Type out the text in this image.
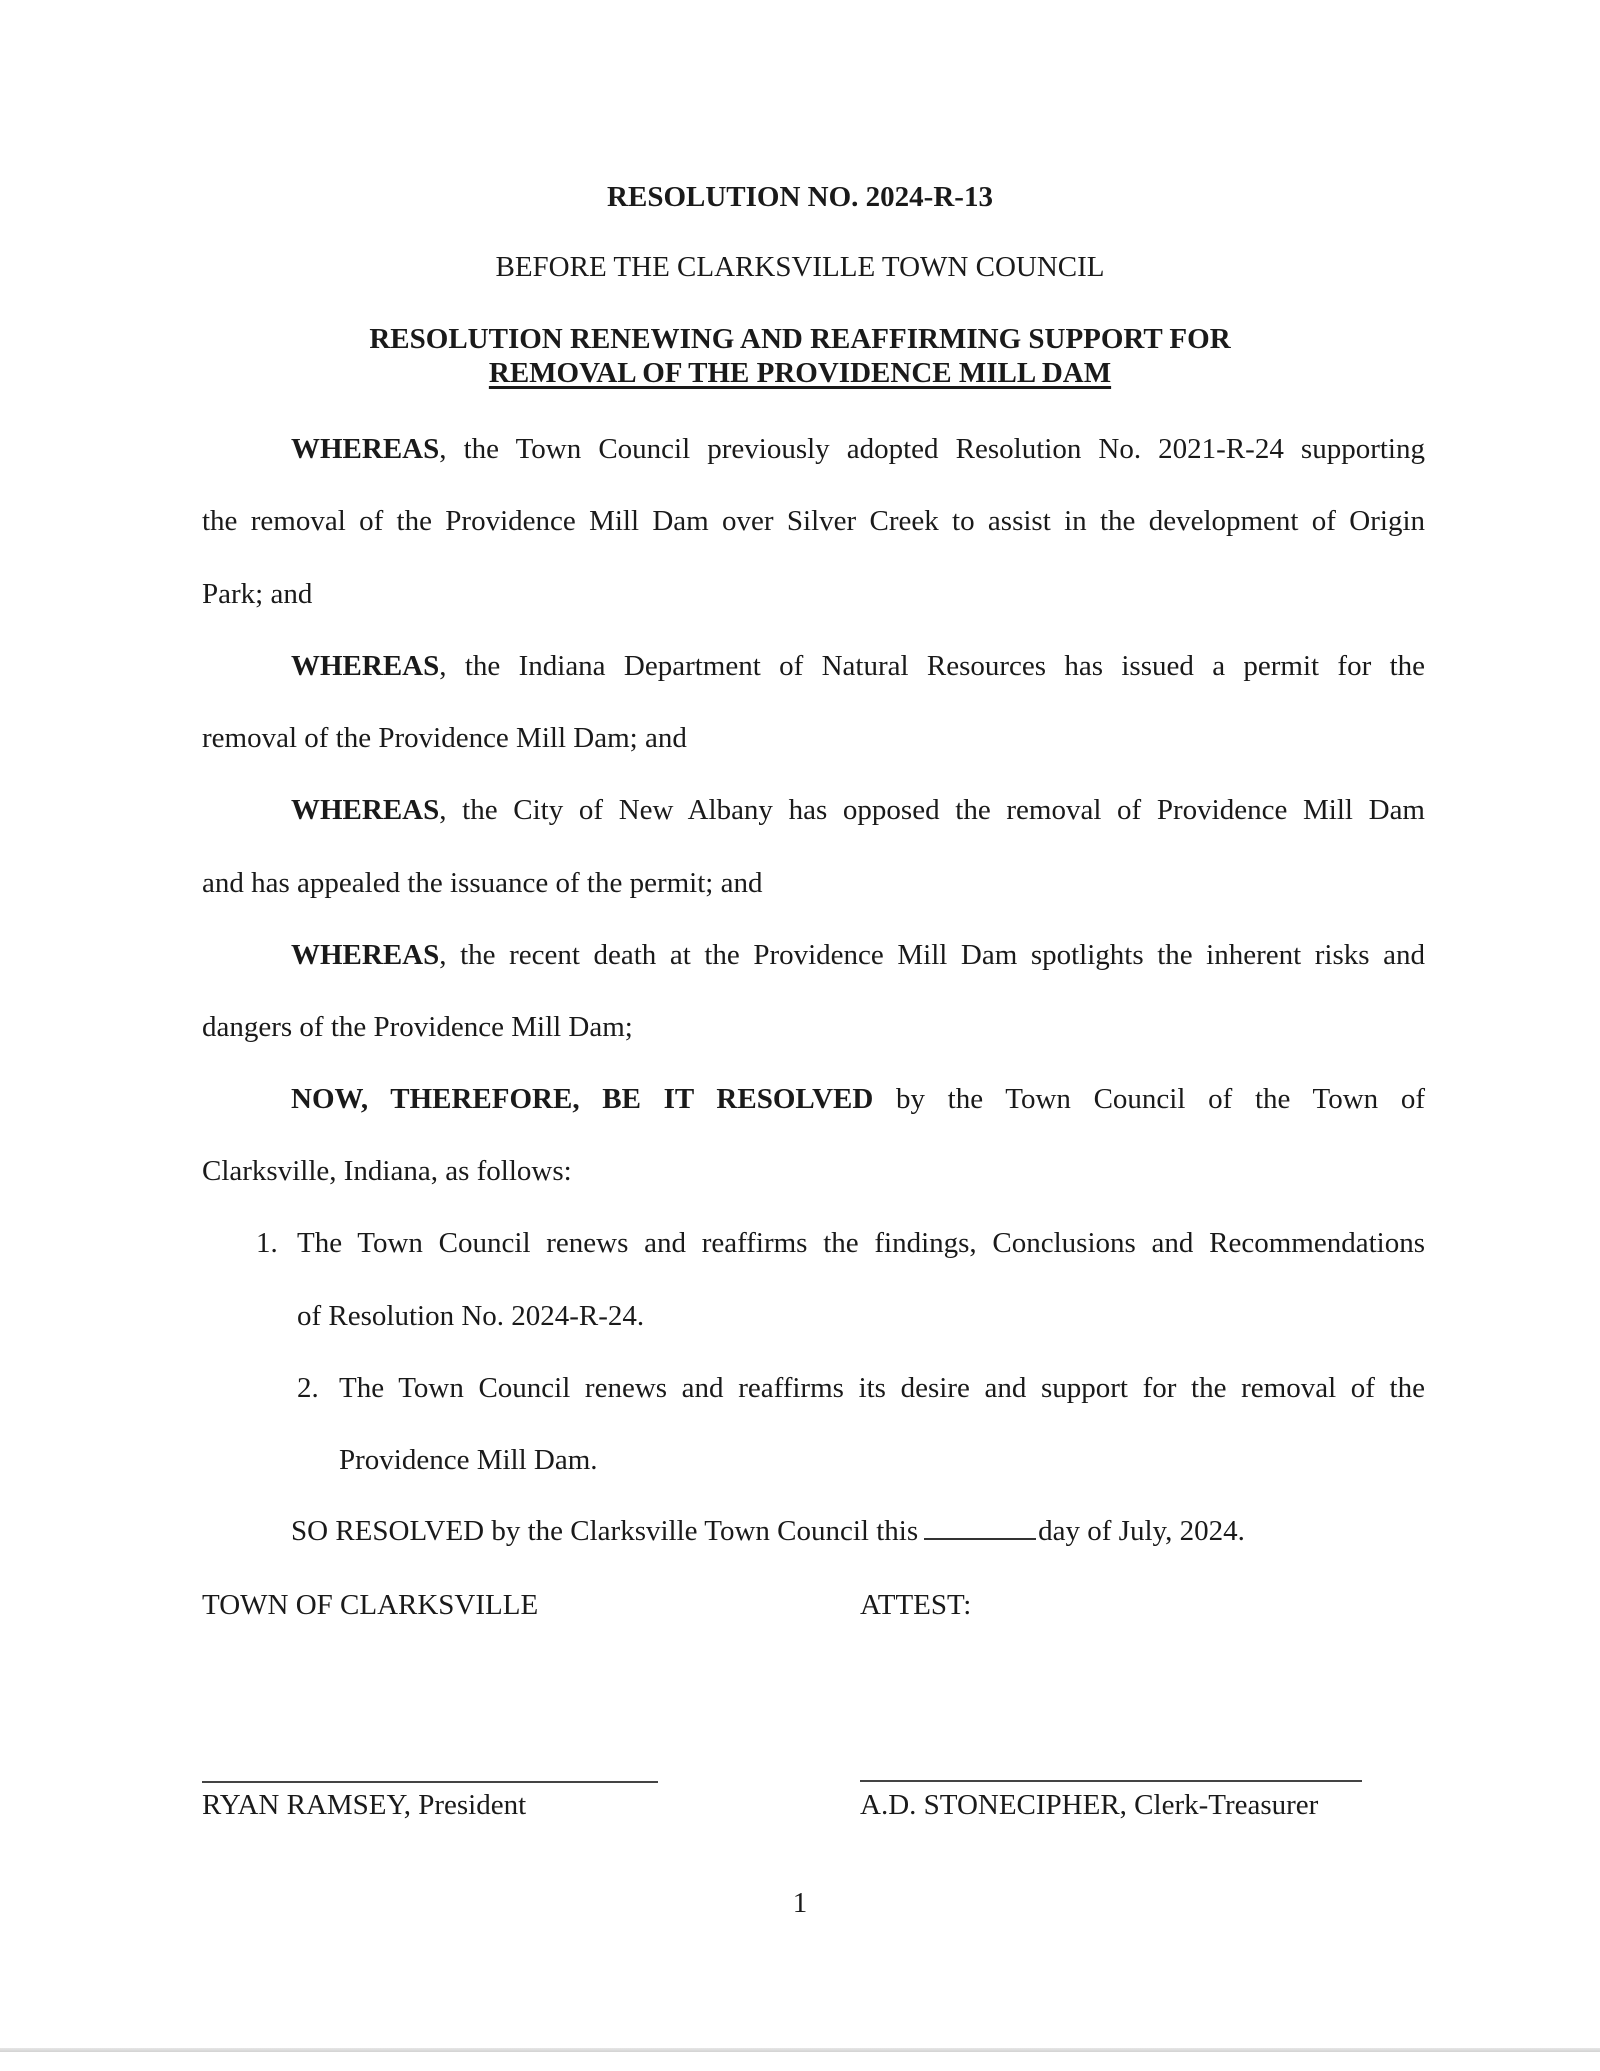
RESOLUTION NO. 2024-R-13
BEFORE THE CLARKSVILLE TOWN COUNCIL
RESOLUTION RENEWING AND REAFFIRMING SUPPORT FOR
REMOVAL OF THE PROVIDENCE MILL DAM
WHEREAS, the Town Council previously adopted Resolution No. 2021-R-24 supporting
the removal of the Providence Mill Dam over Silver Creek to assist in the development of Origin
Park; and
WHEREAS, the Indiana Department of Natural Resources has issued a permit for the
removal of the Providence Mill Dam; and
WHEREAS, the City of New Albany has opposed the removal of Providence Mill Dam
and has appealed the issuance of the permit; and
WHEREAS, the recent death at the Providence Mill Dam spotlights the inherent risks and
dangers of the Providence Mill Dam;
NOW, THEREFORE, BE IT RESOLVED by the Town Council of the Town of
Clarksville, Indiana, as follows:
1. The Town Council renews and reaffirms the findings, Conclusions and Recommendations
of Resolution No. 2024-R-24.
2. The Town Council renews and reaffirms its desire and support for the removal of the
Providence Mill Dam.
SO RESOLVED by the Clarksville Town Council this	day of July, 2024.
TOWN OF CLARKSVILLE	ATTEST:
RYAN RAMSEY, President	A.D. STONECIPHER, Clerk-Treasurer
1
